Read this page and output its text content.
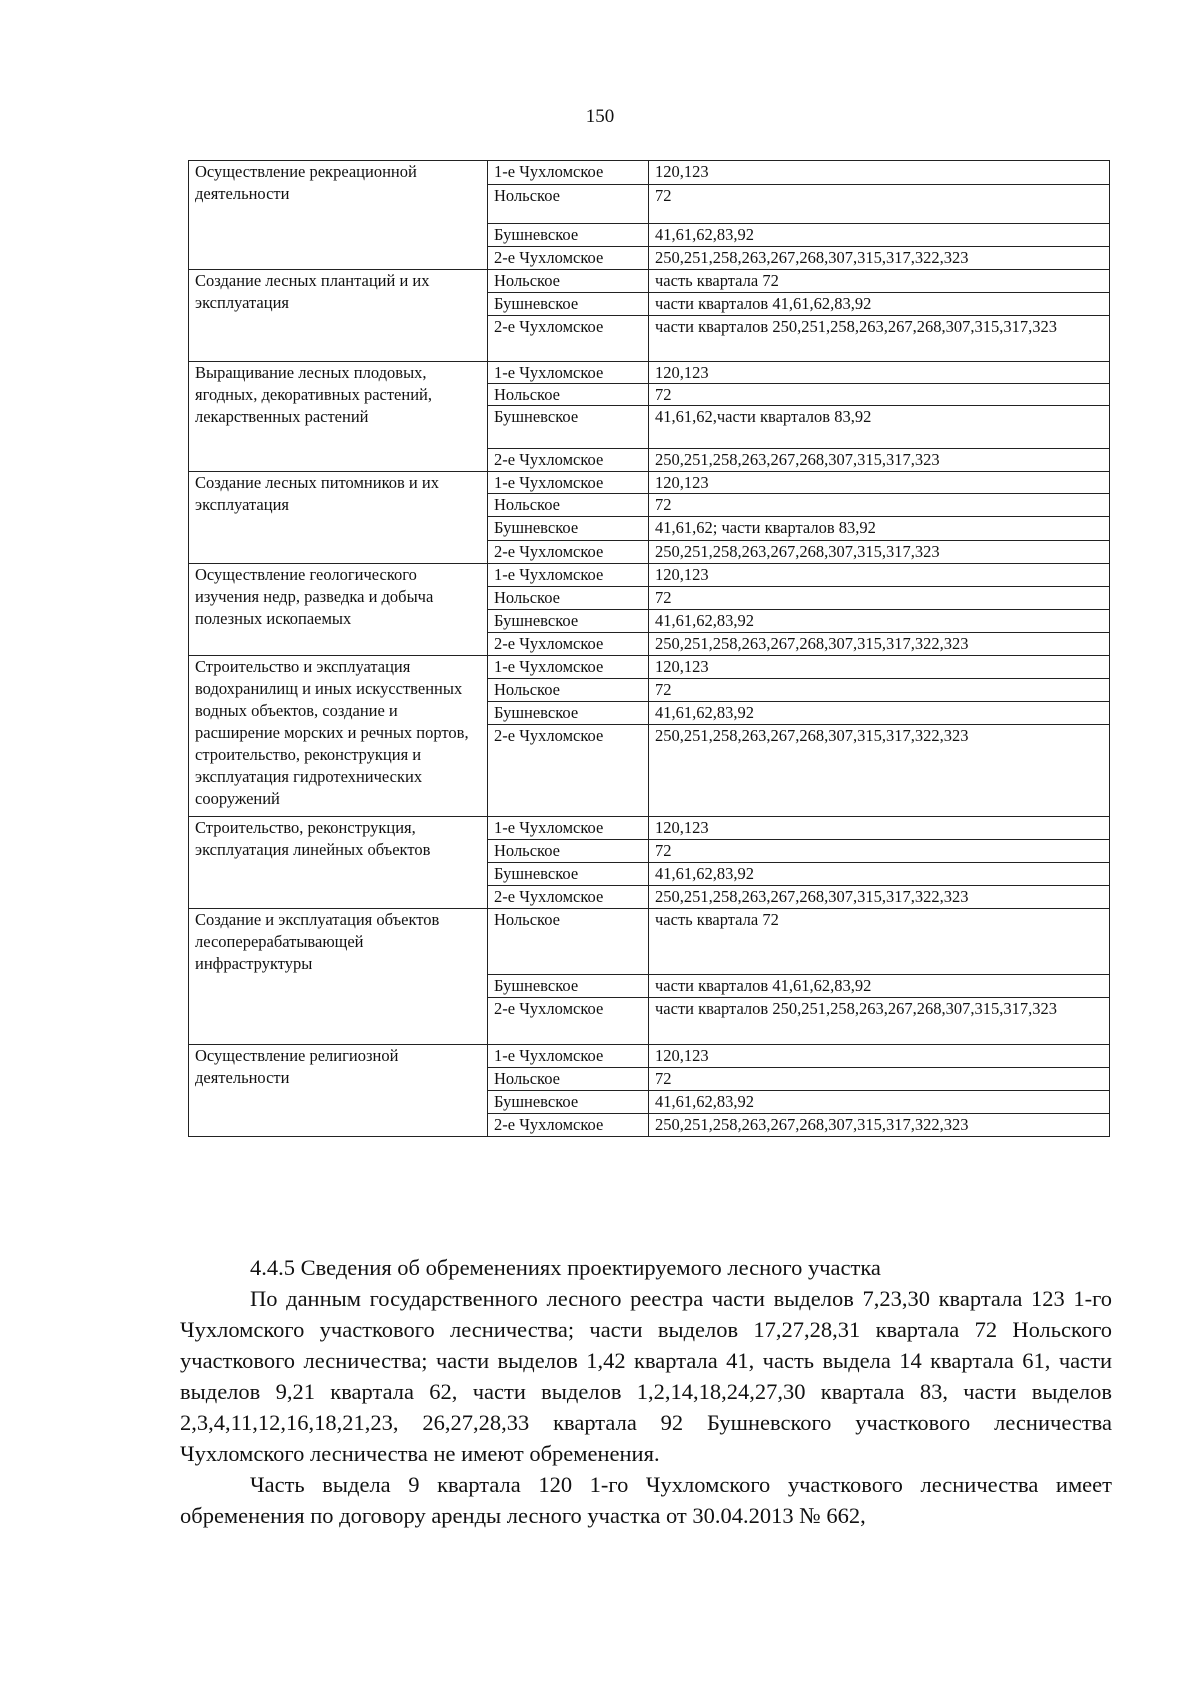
150
Осуществление рекреационной деятельности	1-е Чухломское	120,123
	Нольское	72
	Бушневское	41,61,62,83,92
	2-е Чухломское	250,251,258,263,267,268,307,315,317,322,323
Создание лесных плантаций и их эксплуатация	Нольское	часть квартала 72
	Бушневское	части кварталов 41,61,62,83,92
	2-е Чухломское	части кварталов 250,251,258,263,267,268,307,315,317,323
Выращивание лесных плодовых, ягодных, декоративных растений, лекарственных растений	1-е Чухломское	120,123
	Нольское	72
	Бушневское	41,61,62,части кварталов 83,92
	2-е Чухломское	250,251,258,263,267,268,307,315,317,323
Создание лесных питомников и их эксплуатация	1-е Чухломское	120,123
	Нольское	72
	Бушневское	41,61,62; части кварталов 83,92
	2-е Чухломское	250,251,258,263,267,268,307,315,317,323
Осуществление геологического изучения недр, разведка и добыча полезных ископаемых	1-е Чухломское	120,123
	Нольское	72
	Бушневское	41,61,62,83,92
	2-е Чухломское	250,251,258,263,267,268,307,315,317,322,323
Строительство и эксплуатация водохранилищ и иных искусственных водных объектов, создание и расширение морских и речных портов, строительство, реконструкция и эксплуатация гидротехнических сооружений	1-е Чухломское	120,123
	Нольское	72
	Бушневское	41,61,62,83,92
	2-е Чухломское	250,251,258,263,267,268,307,315,317,322,323
Строительство, реконструкция, эксплуатация линейных объектов	1-е Чухломское	120,123
	Нольское	72
	Бушневское	41,61,62,83,92
	2-е Чухломское	250,251,258,263,267,268,307,315,317,322,323
Создание и эксплуатация объектов лесоперерабатывающей инфраструктуры	Нольское	часть квартала 72
	Бушневское	части кварталов 41,61,62,83,92
	2-е Чухломское	части кварталов 250,251,258,263,267,268,307,315,317,323
Осуществление религиозной деятельности	1-е Чухломское	120,123
	Нольское	72
	Бушневское	41,61,62,83,92
	2-е Чухломское	250,251,258,263,267,268,307,315,317,322,323
4.4.5 Сведения об обременениях проектируемого лесного участка

По данным государственного лесного реестра части выделов 7,23,30 квартала 123 1-го Чухломского участкового лесничества; части выделов 17,27,28,31 квартала 72 Нольского участкового лесничества; части выделов 1,42 квартала 41, часть выдела 14 квартала 61, части выделов 9,21 квартала 62, части выделов 1,2,14,18,24,27,30 квартала 83, части выделов 2,3,4,11,12,16,18,21,23, 26,27,28,33 квартала 92 Бушневского участкового лесничества Чухломского лесничества не имеют обременения.

Часть выдела 9 квартала 120 1-го Чухломского участкового лесничества имеет обременения по договору аренды лесного участка от 30.04.2013 № 662,
